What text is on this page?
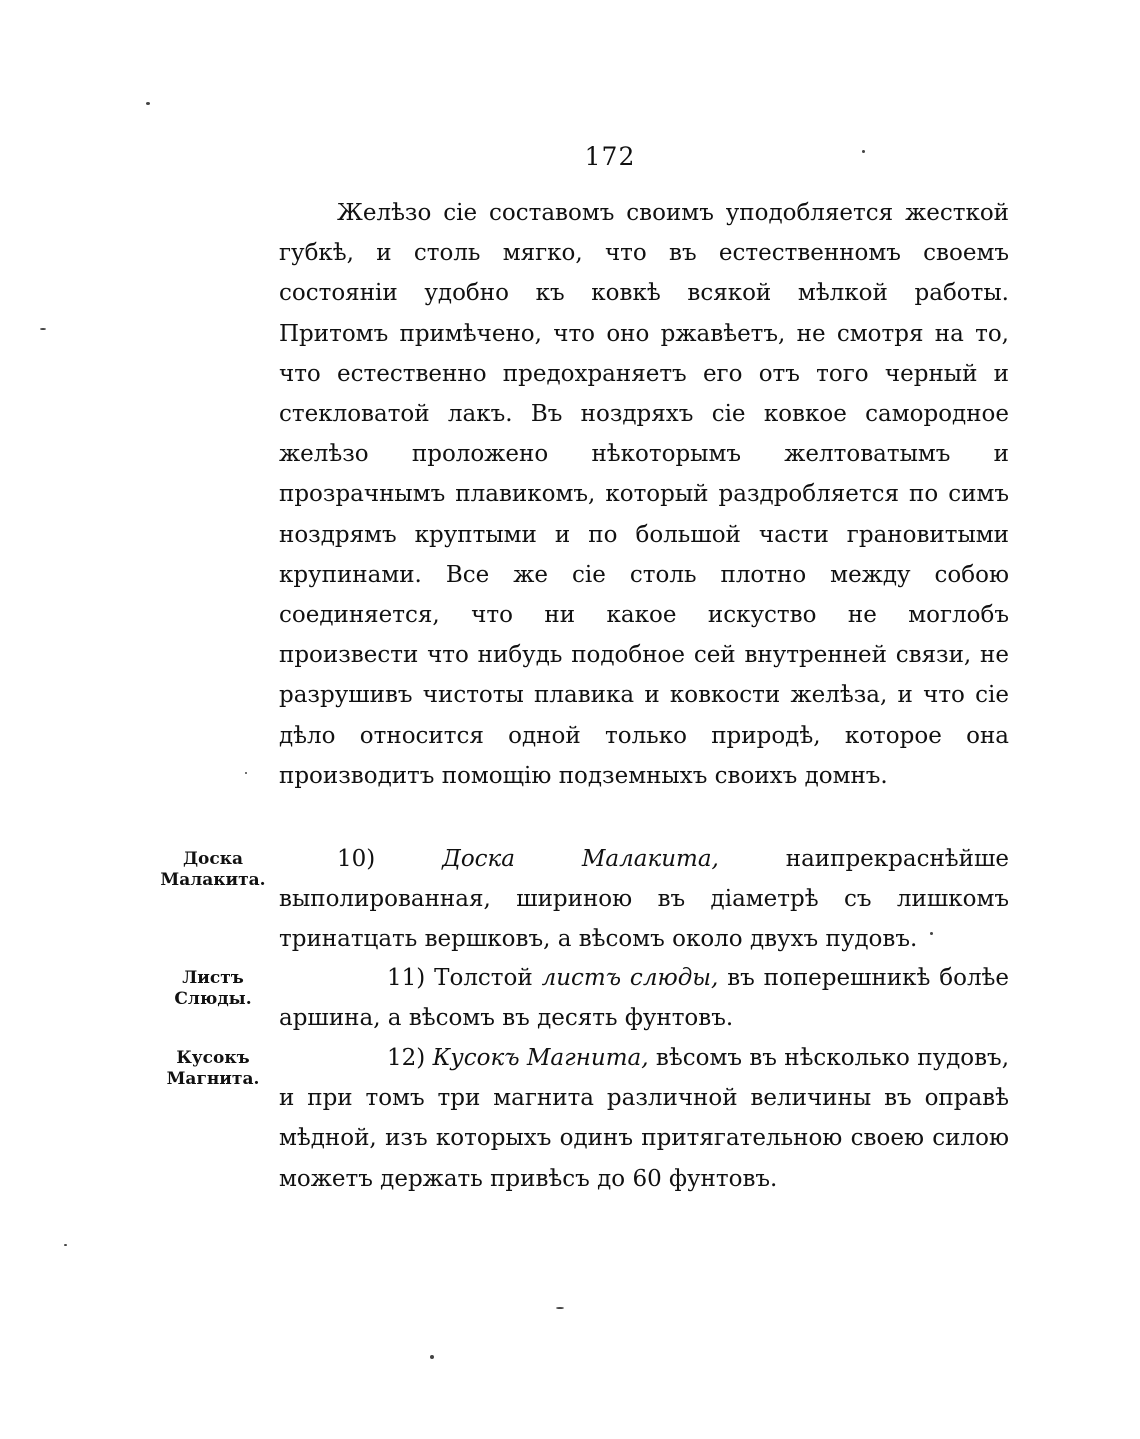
172
Желѣзо сіе составомъ своимъ уподобляется жесткой губкѣ, и столь мягко, что въ естественномъ своемъ состояніи удобно къ ковкѣ всякой мѣлкой работы. Притомъ примѣчено, что оно ржавѣетъ, не смотря на то, что естественно предохраняетъ его отъ того черный и стекловатой лакъ. Въ ноздряхъ сіе ковкое самородное желѣзо проложено нѣкоторымъ желтоватымъ и прозрачнымъ плавикомъ, который раздробляется по симъ ноздрямъ круптыми и по большой части грановитыми крупинами. Все же сіе столь плотно между собою соединяется, что ни какое искуство не моглобъ произвести что нибудь подобное сей внутренней связи, не разрушивъ чистоты плавика и ковкости желѣза, и что сіе дѣло относится одной только природѣ, которое она производитъ помощію подземныхъ своихъ домнъ.
10)	Доска Малакита,	наипрекраснѣйше выполированная, шириною въ діаметрѣ съ лишкомъ тринатцать вершковъ, а вѣсомъ около двухъ пудовъ.
11) Толстой листъ слюды, въ поперешникѣ болѣе аршина, а вѣсомъ въ десять фунтовъ.
12) Кусокъ Магнита, вѣсомъ въ нѣсколько пудовъ, и при томъ три магнита различной величины въ оправѣ мѣдной, изъ которыхъ одинъ притягательною своею силою можетъ держать привѣсъ до 60 фунтовъ.
Доска Малакита.
Листъ Слюды.
Кусокъ Магнита.
